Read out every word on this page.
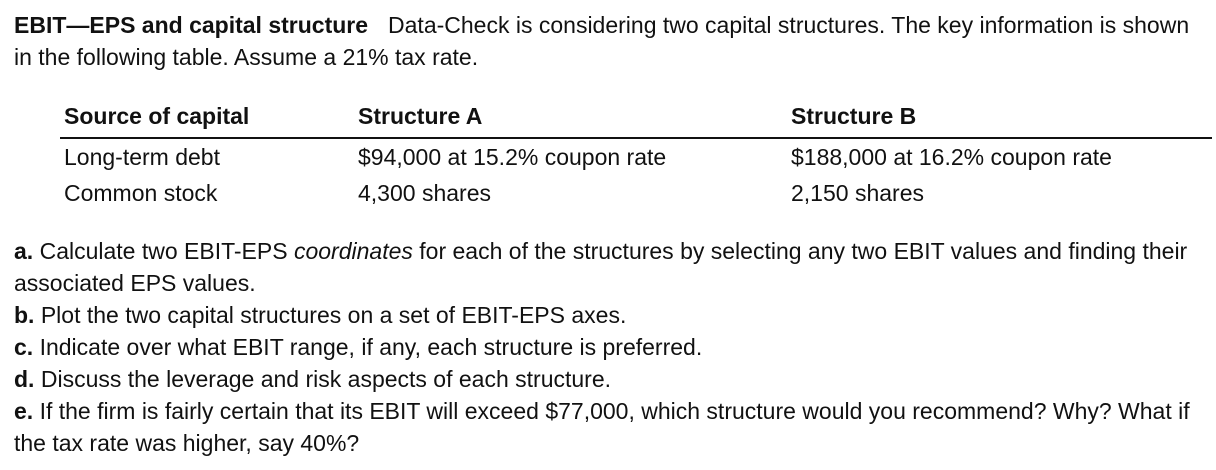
EBIT—EPS and capital structure Data-Check is considering two capital structures. The key information is shown in the following table. Assume a 21% tax rate.
Source of capital	Structure A	Structure B
Long-term debt	$94,000 at 15.2% coupon rate	$188,000 at 16.2% coupon rate
Common stock	4,300 shares	2,150 shares

a. Calculate two EBIT-EPS coordinates for each of the structures by selecting any two EBIT values and finding their associated EPS values.

b. Plot the two capital structures on a set of EBIT-EPS axes.

c. Indicate over what EBIT range, if any, each structure is preferred.

d. Discuss the leverage and risk aspects of each structure.

e. If the firm is fairly certain that its EBIT will exceed $77,000, which structure would you recommend? Why? What if the tax rate was higher, say 40%?
